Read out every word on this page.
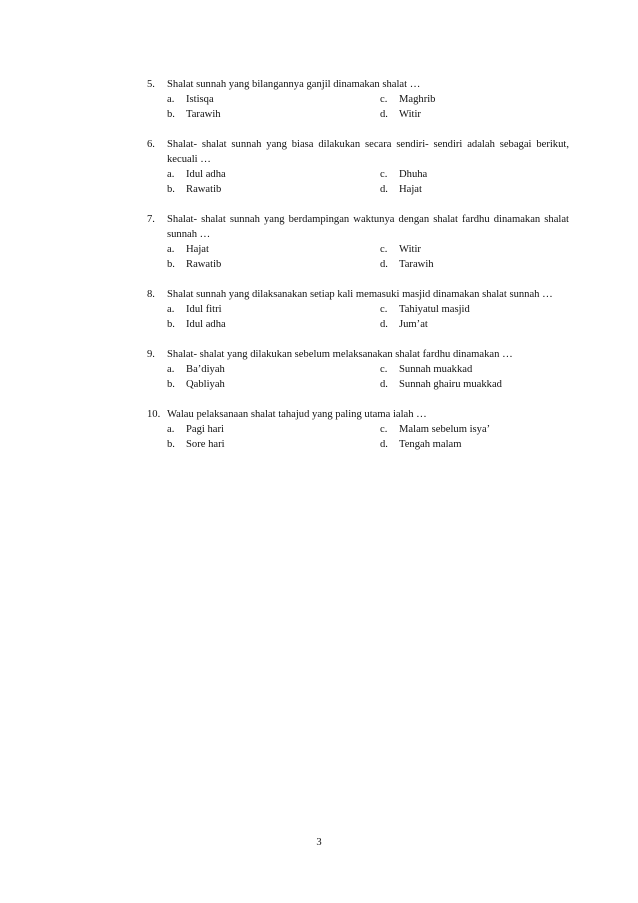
5. Shalat sunnah yang bilangannya ganjil dinamakan shalat …
a.	Istisqa	c.	Maghrib
b.	Tarawih	d.	Witir
6. Shalat- shalat sunnah yang biasa dilakukan secara sendiri- sendiri adalah sebagai berikut, kecuali …
a.	Idul adha	c.	Dhuha
b.	Rawatib	d.	Hajat
7. Shalat- shalat sunnah yang berdampingan waktunya dengan shalat fardhu dinamakan shalat sunnah …
a.	Hajat	c.	Witir
b.	Rawatib	d.	Tarawih
8. Shalat sunnah yang dilaksanakan setiap kali memasuki masjid dinamakan shalat sunnah …
a.	Idul fitri	c.	Tahiyatul masjid
b.	Idul adha	d.	Jum’at
9. Shalat- shalat yang dilakukan sebelum melaksanakan shalat fardhu dinamakan …
a.	Ba’diyah	c.	Sunnah muakkad
b.	Qabliyah	d.	Sunnah ghairu muakkad
10. Walau pelaksanaan shalat tahajud yang paling utama ialah …
a.	Pagi hari	c.	Malam sebelum isya’
b.	Sore hari	d.	Tengah malam
3
